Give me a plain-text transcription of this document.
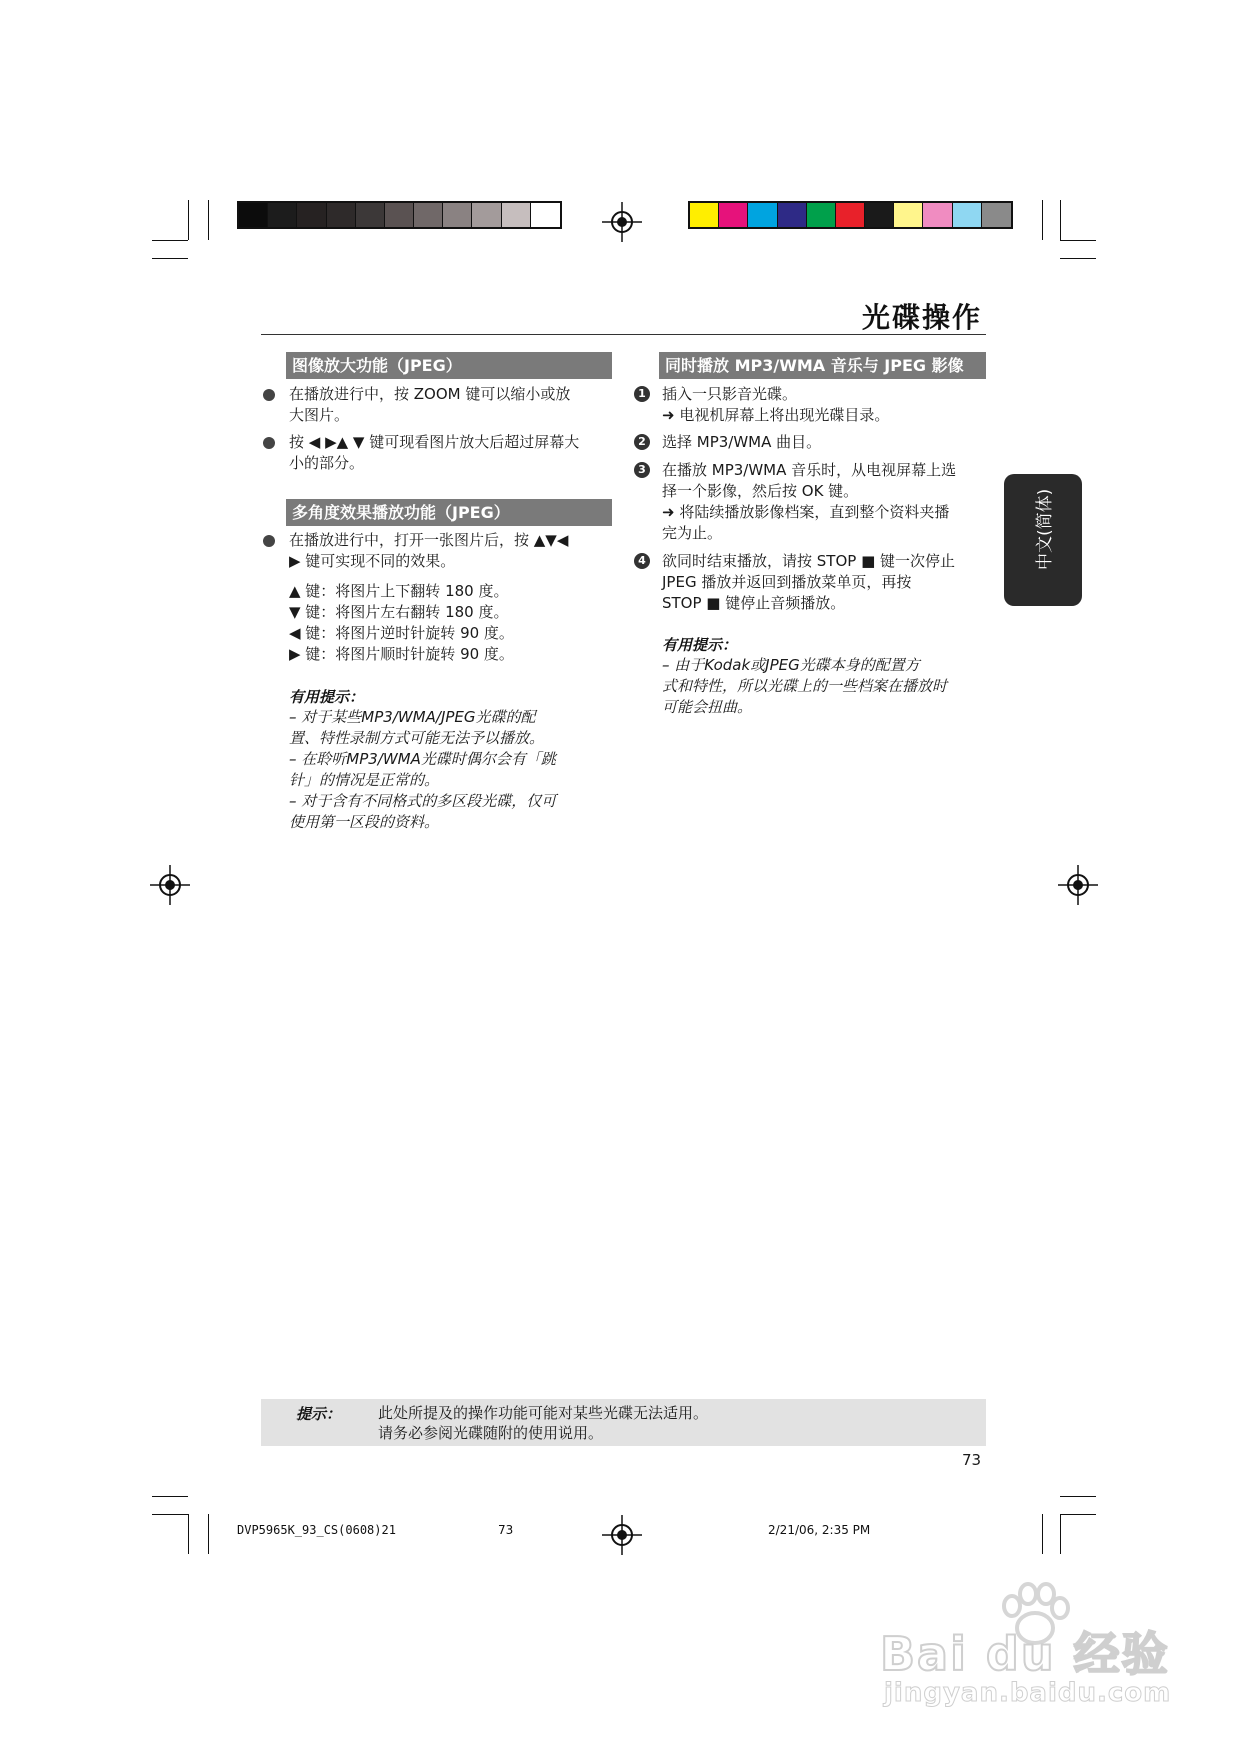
光碟操作
图像放大功能（JPEG）
在播放进行中，按 ZOOM 键可以缩小或放
大图片。
按 ◀ ▶▲ ▼ 键可现看图片放大后超过屏幕大
小的部分。
多角度效果播放功能（JPEG）
在播放进行中，打开一张图片后，按 ▲▼◀
▶ 键可实现不同的效果。
▲ 键：将图片上下翻转 180 度。
▼ 键：将图片左右翻转 180 度。
◀ 键：将图片逆时针旋转 90 度。
▶ 键：将图片顺时针旋转 90 度。
有用提示：
– 对于某些MP3/WMA/JPEG光碟的配
置、特性录制方式可能无法予以播放。
– 在聆听MP3/WMA光碟时偶尔会有「跳
针」的情况是正常的。
– 对于含有不同格式的多区段光碟，仅可
使用第一区段的资料。
同时播放 MP3/WMA 音乐与 JPEG 影像
1 插入一只影音光碟。
➜ 电视机屏幕上将出现光碟目录。
2 选择 MP3/WMA 曲目。
3 在播放 MP3/WMA 音乐时，从电视屏幕上选
择一个影像，然后按 OK 键。
➜ 将陆续播放影像档案，直到整个资料夹播
完为止。
4 欲同时结束播放，请按 STOP ■ 键一次停止
JPEG 播放并返回到播放菜单页，再按
STOP ■ 键停止音频播放。
有用提示：
– 由于Kodak或JPEG光碟本身的配置方
式和特性，所以光碟上的一些档案在播放时
可能会扭曲。
中文(简体)
提示： 此处所提及的操作功能可能对某些光碟无法适用。
请务必参阅光碟随附的使用说用。
73
DVP5965K_93_CS(0608)21	73	2/21/06, 2:35 PM
Bai du 经验
jingyan.baidu.com
